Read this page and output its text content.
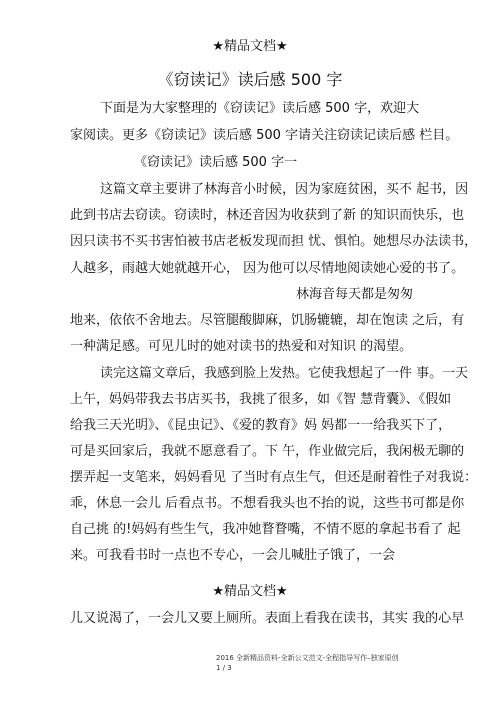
★精品文档★
《窃读记》读后感 500 字
下面是为大家整理的《窃读记》读后感 500 字，欢迎大
家阅读。更多《窃读记》读后感 500 字请关注窃读记读后感 栏目。
《窃读记》读后感 500 字一
这篇文章主要讲了林海音小时候，因为家庭贫困，买不 起书，因
此到书店去窃读。窃读时，林还音因为收获到了新 的知识而快乐，也
因只读书不买书害怕被书店老板发现而担 忧、惧怕。她想尽办法读书，
人越多，雨越大她就越开心， 因为他可以尽情地阅读她心爱的书了。
林海音每天都是匆匆
地来，依依不舍地去。尽管腿酸脚麻，饥肠辘辘，却在饱读 之后，有
一种满足感。可见儿时的她对读书的热爱和对知识 的渴望。
读完这篇文章后，我感到脸上发热。它使我想起了一件 事。一天
上午，妈妈带我去书店买书，我挑了很多，如《智 慧背囊》、《假如
给我三天光明》、《昆虫记》、《爱的教育》妈 妈都一一给我买下了，
可是买回家后，我就不愿意看了。下 午，作业做完后，我闲极无聊的
摆弄起一支笔来，妈妈看见 了当时有点生气，但还是耐着性子对我说：
乖，休息一会儿 后看点书。不想看我头也不抬的说，这些书可都是你
自己挑 的!妈妈有些生气，我冲她瞀瞀嘴，不情不愿的拿起书看了 起
来。可我看书时一点也不专心，一会儿喊肚子饿了，一会
★精品文档★
儿又说渴了，一会儿又要上厕所。表面上看我在读书，其实 我的心早
2016 全新精品资料-全新公文范文-全程指导写作–独家原创
1 / 3
